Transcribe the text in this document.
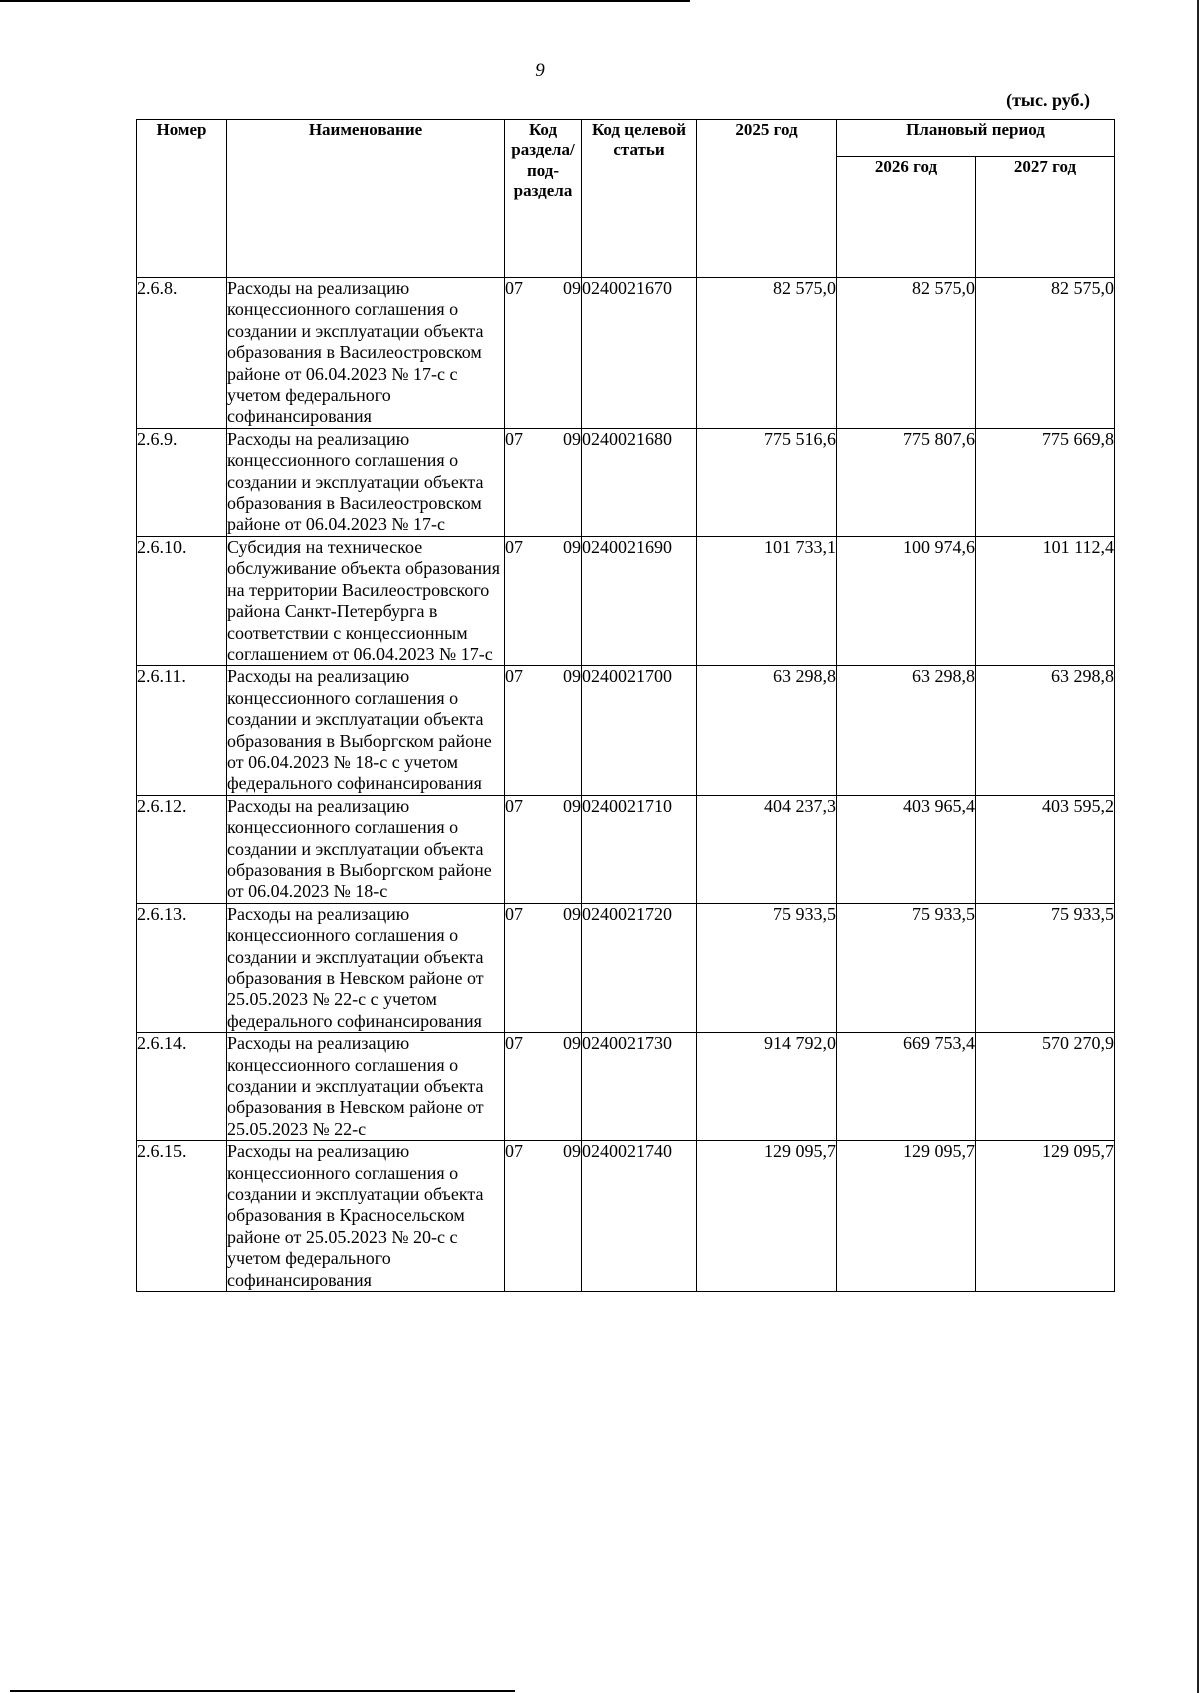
9
(тыс. руб.)
Номер	Наименование	Код раздела/ под- раздела	Код целевой статьи	2025 год	Плановый период	
					2026 год	2027 год
2.6.8.	Расходы на реализацию концессионного соглашения о создании и эксплуатации объекта образования в Василеостровском районе от 06.04.2023 № 17-с с учетом федерального софинансирования	07 09	0240021670	82 575,0	82 575,0	82 575,0
2.6.9.	Расходы на реализацию концессионного соглашения о создании и эксплуатации объекта образования в Василеостровском районе от 06.04.2023 № 17-с	07 09	0240021680	775 516,6	775 807,6	775 669,8
2.6.10.	Субсидия на техническое обслуживание объекта образования на территории Василеостровского района Санкт-Петербурга в соответствии с концессионным соглашением от 06.04.2023 № 17-с	07 09	0240021690	101 733,1	100 974,6	101 112,4
2.6.11.	Расходы на реализацию концессионного соглашения о создании и эксплуатации объекта образования в Выборгском районе от 06.04.2023 № 18-с с учетом федерального софинансирования	07 09	0240021700	63 298,8	63 298,8	63 298,8
2.6.12.	Расходы на реализацию концессионного соглашения о создании и эксплуатации объекта образования в Выборгском районе от 06.04.2023 № 18-с	07 09	0240021710	404 237,3	403 965,4	403 595,2
2.6.13.	Расходы на реализацию концессионного соглашения о создании и эксплуатации объекта образования в Невском районе от 25.05.2023 № 22-с с учетом федерального софинансирования	07 09	0240021720	75 933,5	75 933,5	75 933,5
2.6.14.	Расходы на реализацию концессионного соглашения о создании и эксплуатации объекта образования в Невском районе от 25.05.2023 № 22-с	07 09	0240021730	914 792,0	669 753,4	570 270,9
2.6.15.	Расходы на реализацию концессионного соглашения о создании и эксплуатации объекта образования в Красносельском районе от 25.05.2023 № 20-с с учетом федерального софинансирования	07 09	0240021740	129 095,7	129 095,7	129 095,7
